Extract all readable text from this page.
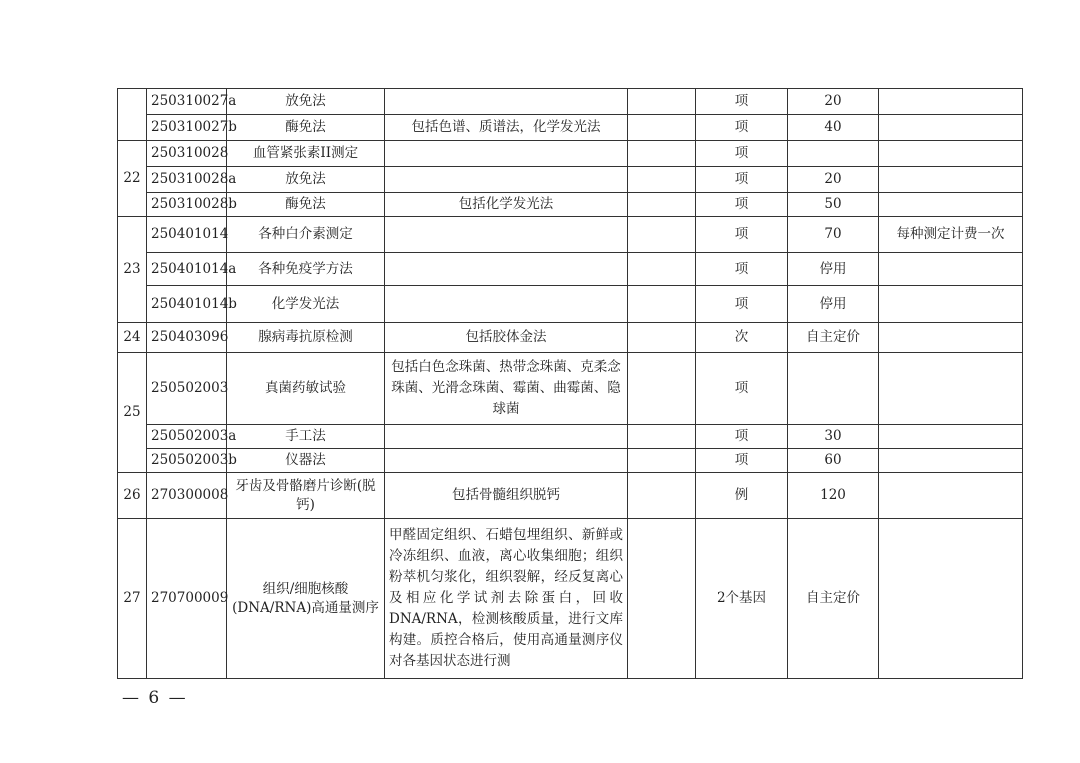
	250310027a	放免法			项	20	
	250310027b	酶免法	包括色谱、质谱法，化学发光法		项	40	
22	250310028	血管紧张素II测定			项		
	250310028a	放免法			项	20	
	250310028b	酶免法	包括化学发光法		项	50	
23	250401014	各种白介素测定			项	70	每种测定计费一次
	250401014a	各种免疫学方法			项	停用	
	250401014b	化学发光法			项	停用	
24	250403096	腺病毒抗原检测	包括胶体金法		次	自主定价	
25	250502003	真菌药敏试验	包括白色念珠菌、热带念珠菌、克柔念珠菌、光滑念珠菌、霉菌、曲霉菌、隐球菌		项		
	250502003a	手工法			项	30	
	250502003b	仪器法			项	60	
26	270300008	牙齿及骨骼磨片诊断(脱钙)	包括骨髓组织脱钙		例	120	
27	270700009	组织/细胞核酸(DNA/RNA)高通量测序	甲醛固定组织、石蜡包埋组织、新鲜或冷冻组织、血液，离心收集细胞；组织粉萃机匀浆化，组织裂解，经反复离心及相应化学试剂去除蛋白，回收DNA/RNA，检测核酸质量，进行文库构建。质控合格后，使用高通量测序仪对各基因状态进行测		2个基因	自主定价	
— 6 —
